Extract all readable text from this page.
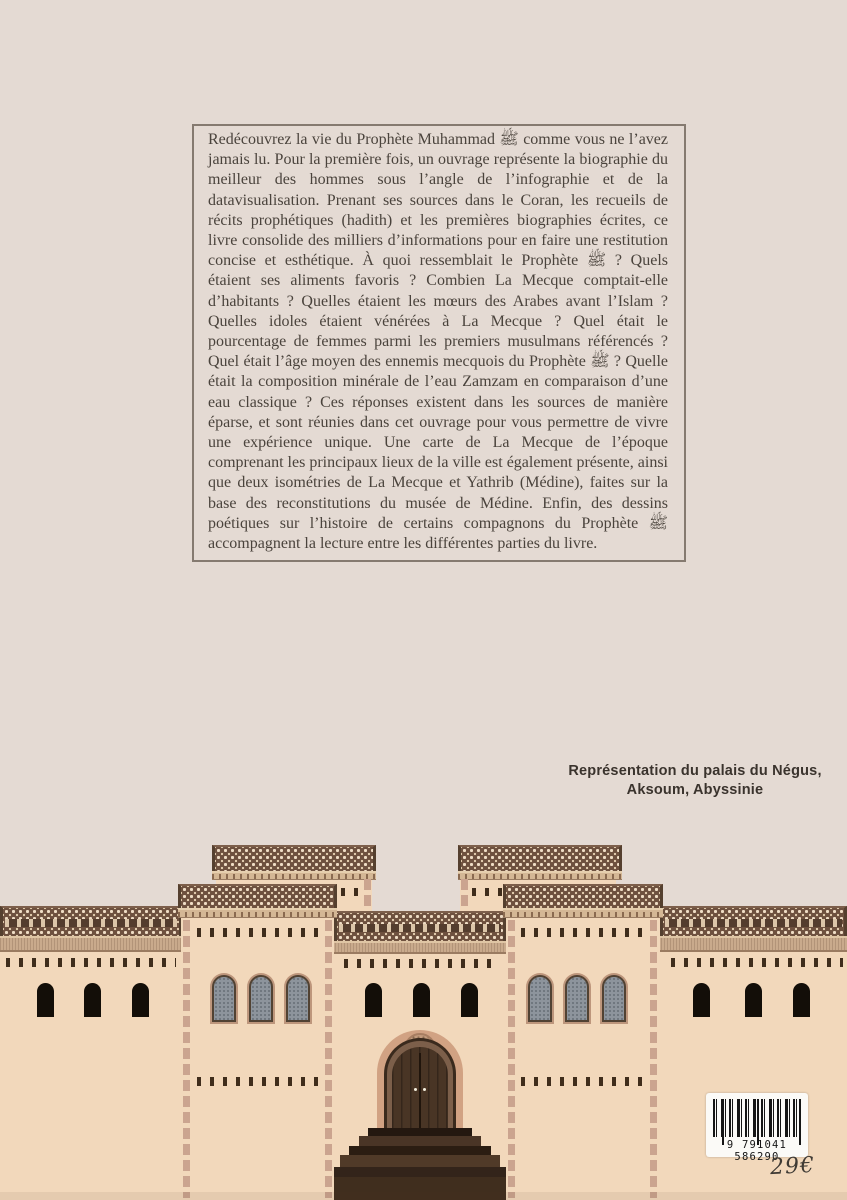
Redécouvrez la vie du Prophète Muhammad ﷺ comme vous ne l’avez jamais lu. Pour la première fois, un ouvrage représente la biographie du meilleur des hommes sous l’angle de l’infographie et de la datavisualisation. Prenant ses sources dans le Coran, les recueils de récits prophétiques (hadith) et les premières biographies écrites, ce livre consolide des milliers d’informations pour en faire une restitution concise et esthétique. À quoi ressemblait le Prophète ﷺ ? Quels étaient ses aliments favoris ? Combien La Mecque comptait-elle d’habitants ? Quelles étaient les mœurs des Arabes avant l’Islam ? Quelles idoles étaient vénérées à La Mecque ? Quel était le pourcentage de femmes parmi les premiers musulmans référencés ? Quel était l’âge moyen des ennemis mecquois du Prophète ﷺ ? Quelle était la composition minérale de l’eau Zamzam en comparaison d’une eau classique ? Ces réponses existent dans les sources de manière éparse, et sont réunies dans cet ouvrage pour vous permettre de vivre une expérience unique. Une carte de La Mecque de l’époque comprenant les principaux lieux de la ville est également présente, ainsi que deux isométries de La Mecque et Yathrib (Médine), faites sur la base des reconstitutions du musée de Médine. Enfin, des dessins poétiques sur l’histoire de certains compagnons du Prophète ﷺ accompagnent la lecture entre les différentes parties du livre.
Représentation du palais du Négus,
Aksoum, Abyssinie
9 791041 586290
29€
